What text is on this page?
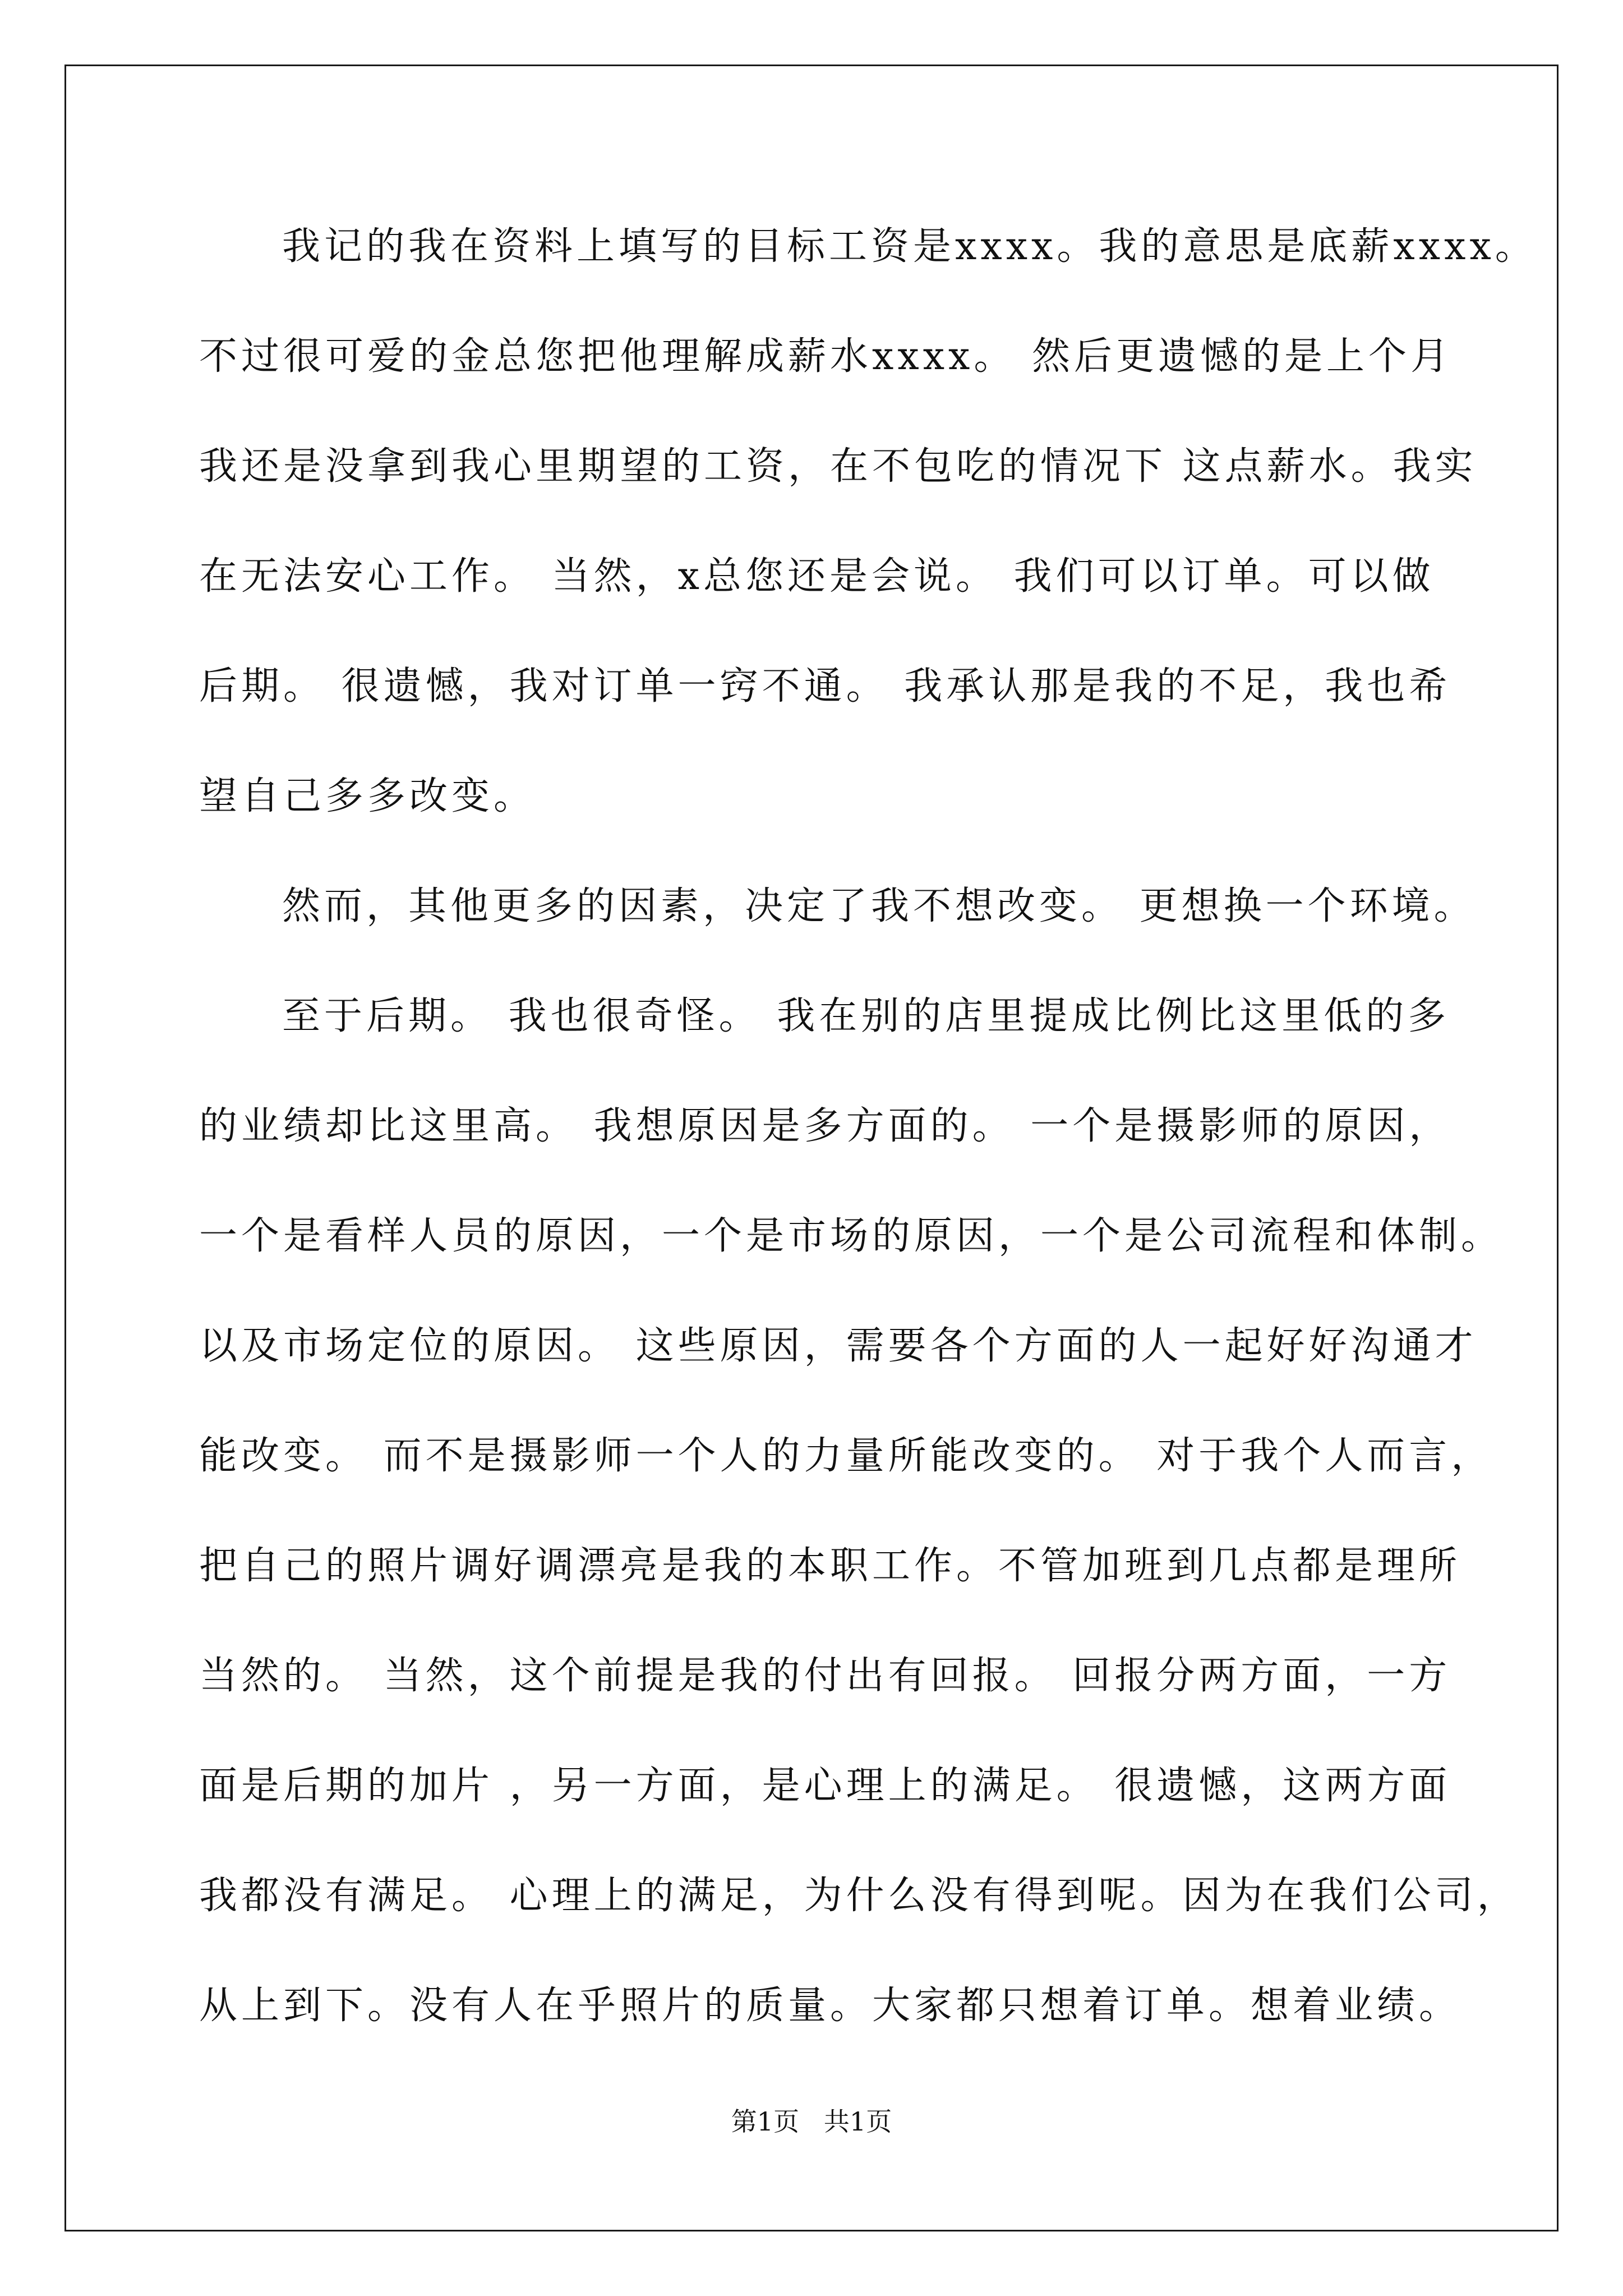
我记的我在资料上填写的目标工资是xxxx。我的意思是底薪xxxx。
不过很可爱的金总您把他理解成薪水xxxx。 然后更遗憾的是上个月
我还是没拿到我心里期望的工资，在不包吃的情况下 这点薪水。我实
在无法安心工作。 当然，x总您还是会说。 我们可以订单。可以做
后期。 很遗憾，我对订单一窍不通。 我承认那是我的不足，我也希
望自己多多改变。
然而，其他更多的因素，决定了我不想改变。 更想换一个环境。
至于后期。 我也很奇怪。 我在别的店里提成比例比这里低的多
的业绩却比这里高。 我想原因是多方面的。 一个是摄影师的原因，
一个是看样人员的原因，一个是市场的原因，一个是公司流程和体制。
以及市场定位的原因。 这些原因，需要各个方面的人一起好好沟通才
能改变。 而不是摄影师一个人的力量所能改变的。 对于我个人而言，
把自己的照片调好调漂亮是我的本职工作。不管加班到几点都是理所
当然的。 当然，这个前提是我的付出有回报。 回报分两方面，一方
面是后期的加片 ，另一方面，是心理上的满足。 很遗憾，这两方面
我都没有满足。 心理上的满足，为什么没有得到呢。因为在我们公司，
从上到下。没有人在乎照片的质量。大家都只想着订单。想着业绩。
第1页   共1页
